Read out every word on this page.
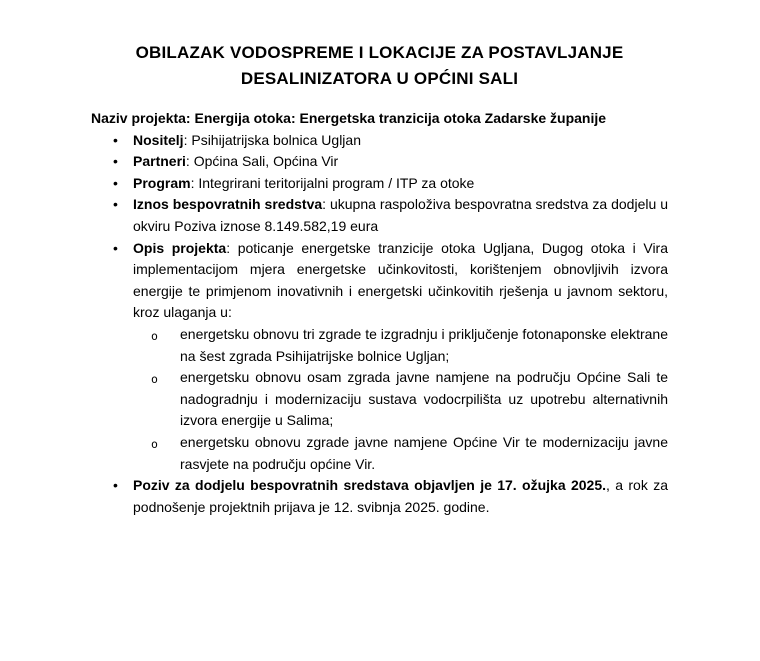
OBILAZAK VODOSPREME I LOKACIJE ZA POSTAVLJANJE
DESALINIZATORA U OPĆINI SALI

Naziv projekta: Energija otoka: Energetska tranzicija otoka Zadarske županije

•	Nositelj: Psihijatrijska bolnica Ugljan

•	Partneri: Općina Sali, Općina Vir

•	Program: Integrirani teritorijalni program / ITP za otoke

•	Iznos bespovratnih sredstva: ukupna raspoloživa bespovratna sredstva za dodjelu u okviru Poziva iznose 8.149.582,19 eura

•	Opis projekta: poticanje energetske tranzicije otoka Ugljana, Dugog otoka i Vira implementacijom mjera energetske učinkovitosti, korištenjem obnovljivih izvora energije te primjenom inovativnih i energetski učinkovitih rješenja u javnom sektoru, kroz ulaganja u:

o	energetsku obnovu tri zgrade te izgradnju i priključenje fotonaponske elektrane na šest zgrada Psihijatrijske bolnice Ugljan;

o	energetsku obnovu osam zgrada javne namjene na području Općine Sali te nadogradnju i modernizaciju sustava vodocrpilišta uz upotrebu alternativnih izvora energije u Salima;

o	energetsku obnovu zgrade javne namjene Općine Vir te modernizaciju javne rasvjete na području općine Vir.

•	Poziv za dodjelu bespovratnih sredstava objavljen je 17. ožujka 2025., a rok za podnošenje projektnih prijava je 12. svibnja 2025. godine.
